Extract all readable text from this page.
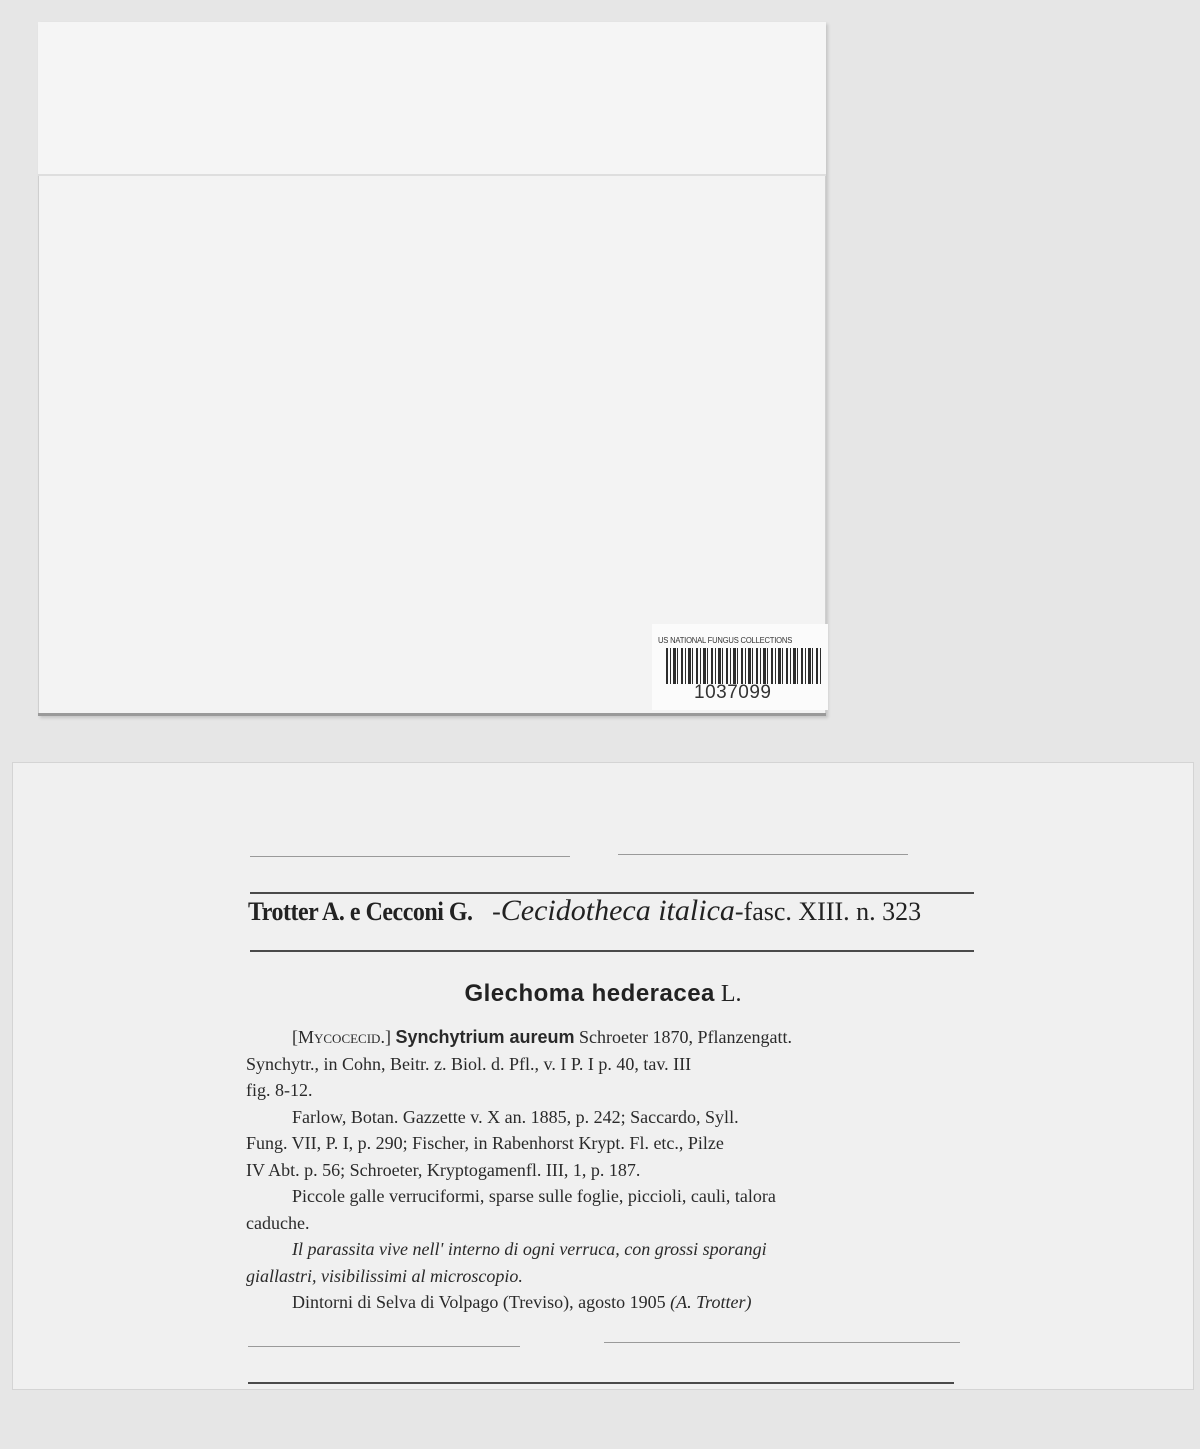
US NATIONAL FUNGUS COLLECTIONS
1037099
Trotter A. e Cecconi G. -Cecidotheca italica-fasc. XIII. n. 323
Glechoma hederacea L.
[Mycocecid.] Synchytrium aureum Schroeter 1870, Pflanzengatt.
Synchytr., in Cohn, Beitr. z. Biol. d. Pfl., v. I P. I p. 40, tav. III
fig. 8-12.
Farlow, Botan. Gazzette v. X an. 1885, p. 242; Saccardo, Syll.
Fung. VII, P. I, p. 290; Fischer, in Rabenhorst Krypt. Fl. etc., Pilze
IV Abt. p. 56; Schroeter, Kryptogamenfl. III, 1, p. 187.
Piccole galle verruciformi, sparse sulle foglie, piccioli, cauli, talora
caduche.
Il parassita vive nell' interno di ogni verruca, con grossi sporangi
giallastri, visibilissimi al microscopio.
Dintorni di Selva di Volpago (Treviso), agosto 1905 (A. Trotter)
